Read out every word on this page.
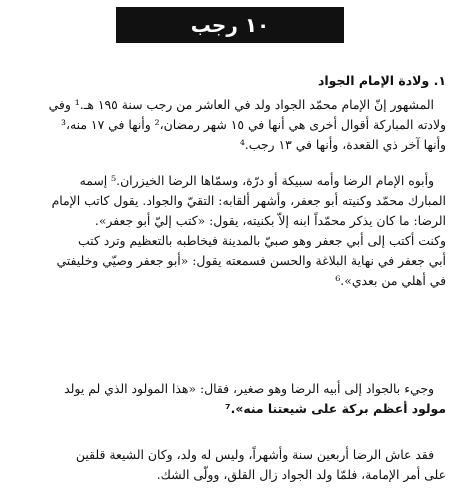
١٠ رجب
١. ولادة الإمام الجواد
المشهور إنّ الإمام محمّد الجواد ولد في العاشر من رجب سنة ١٩٥ هـ.¹ وفي
ولادته المباركة أقوال أخرى هي أنها في ١٥ شهر رمضان،² وأنها في ١٧ منه،³
وأنها آخر ذي القعدة، وأنها في ١٣ رجب.⁴
وأبوه الإمام الرضا وأمه سبيكة أو درّة، وسمّاها الرضا الخيزران.⁵ إسمه
المبارك محمّد وكنيته أبو جعفر، وأشهر ألقابه: التقيّ والجواد. يقول كاتب الإمام
الرضا: ما كان يذكر محمّداً ابنه إلاّ بكنيته، يقول: «كتب إليّ أبو جعفر».
وكنت أكتب إلى أبي جعفر وهو صبيّ بالمدينة فيخاطبه بالتعظيم وترد كتب
أبي جعفر في نهاية البلاغة والحسن فسمعته يقول: «أبو جعفر وصيّي وخليفتي
في أهلي من بعدي».⁶
وجيء بالجواد إلى أبيه الرضا وهو صغير، فقال: «هذا المولود الذي لم يولد
مولود أعظم بركة على شيعتنا منه».⁷
فقد عاش الرضا أربعين سنة وأشهراً، وليس له ولد، وكان الشيعة قلقين
على أمر الإمامة، فلمّا ولد الجواد زال القلق، وولّى الشك.
